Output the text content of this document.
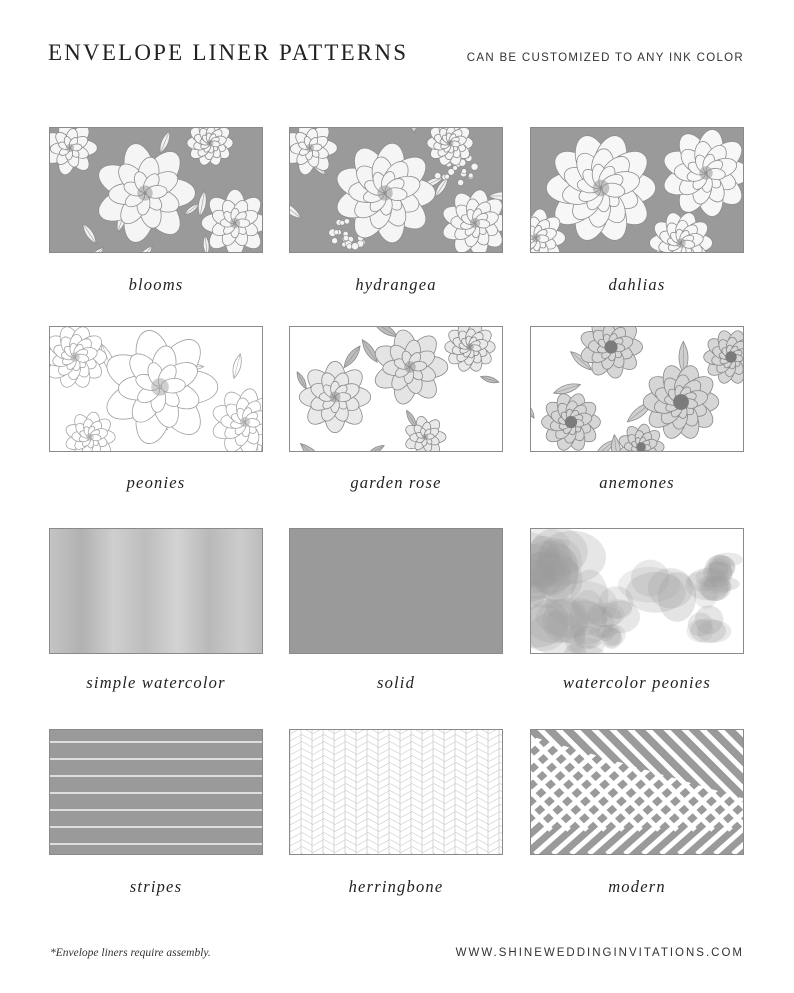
ENVELOPE LINER PATTERNS	CAN BE CUSTOMIZED TO ANY INK COLOR
blooms	hydrangea	dahlias
peonies	garden rose	anemones
simple watercolor	solid	watercolor peonies
stripes	herringbone	modern
*Envelope liners require assembly.	WWW.SHINEWEDDINGINVITATIONS.COM
